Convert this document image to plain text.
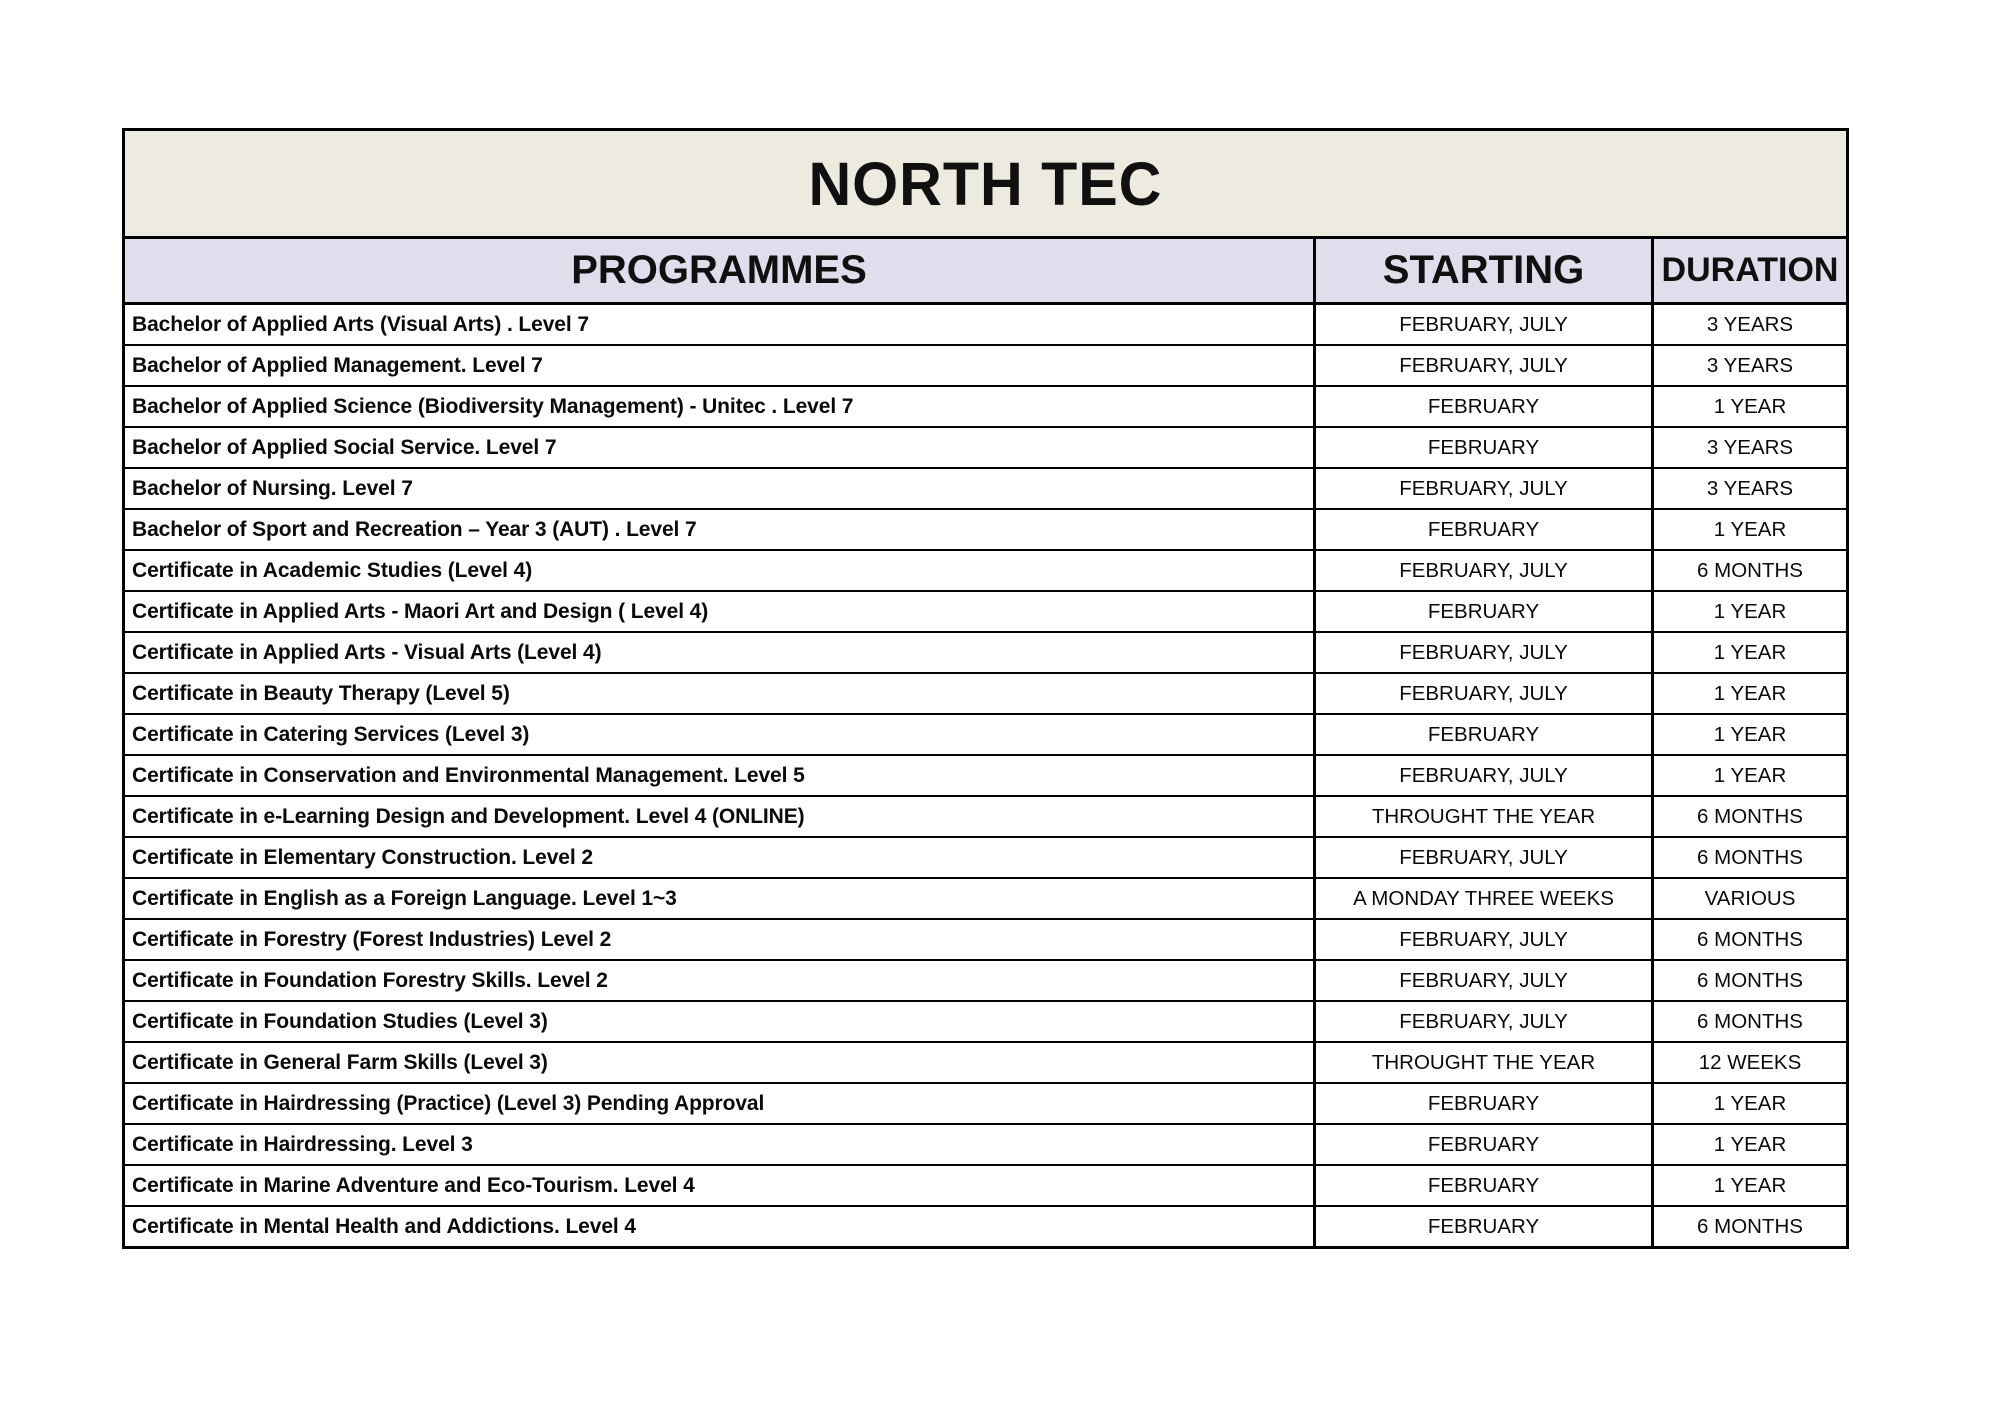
NORTH TEC
PROGRAMMES	STARTING	DURATION
Bachelor of Applied Arts (Visual Arts) . Level 7	FEBRUARY, JULY	3 YEARS
Bachelor of Applied Management. Level 7	FEBRUARY, JULY	3 YEARS
Bachelor of Applied Science (Biodiversity Management) - Unitec . Level 7	FEBRUARY	1 YEAR
Bachelor of Applied Social Service. Level 7	FEBRUARY	3 YEARS
Bachelor of Nursing. Level 7	FEBRUARY, JULY	3 YEARS
Bachelor of Sport and Recreation – Year 3 (AUT) . Level 7	FEBRUARY	1 YEAR
Certificate in Academic Studies (Level 4)	FEBRUARY, JULY	6 MONTHS
Certificate in Applied Arts - Maori Art and Design ( Level 4)	FEBRUARY	1 YEAR
Certificate in Applied Arts - Visual Arts (Level 4)	FEBRUARY, JULY	1 YEAR
Certificate in Beauty Therapy (Level 5)	FEBRUARY, JULY	1 YEAR
Certificate in Catering Services (Level 3)	FEBRUARY	1 YEAR
Certificate in Conservation and Environmental Management. Level 5	FEBRUARY, JULY	1 YEAR
Certificate in e-Learning Design and Development. Level 4 (ONLINE)	THROUGHT THE YEAR	6 MONTHS
Certificate in Elementary Construction. Level 2	FEBRUARY, JULY	6 MONTHS
Certificate in English as a Foreign Language. Level 1~3	A MONDAY THREE WEEKS	VARIOUS
Certificate in Forestry (Forest Industries) Level 2	FEBRUARY, JULY	6 MONTHS
Certificate in Foundation Forestry Skills. Level 2	FEBRUARY, JULY	6 MONTHS
Certificate in Foundation Studies (Level 3)	FEBRUARY, JULY	6 MONTHS
Certificate in General Farm Skills (Level 3)	THROUGHT THE YEAR	12 WEEKS
Certificate in Hairdressing (Practice) (Level 3) Pending Approval	FEBRUARY	1 YEAR
Certificate in Hairdressing. Level 3	FEBRUARY	1 YEAR
Certificate in Marine Adventure and Eco-Tourism. Level 4	FEBRUARY	1 YEAR
Certificate in Mental Health and Addictions. Level 4	FEBRUARY	6 MONTHS
